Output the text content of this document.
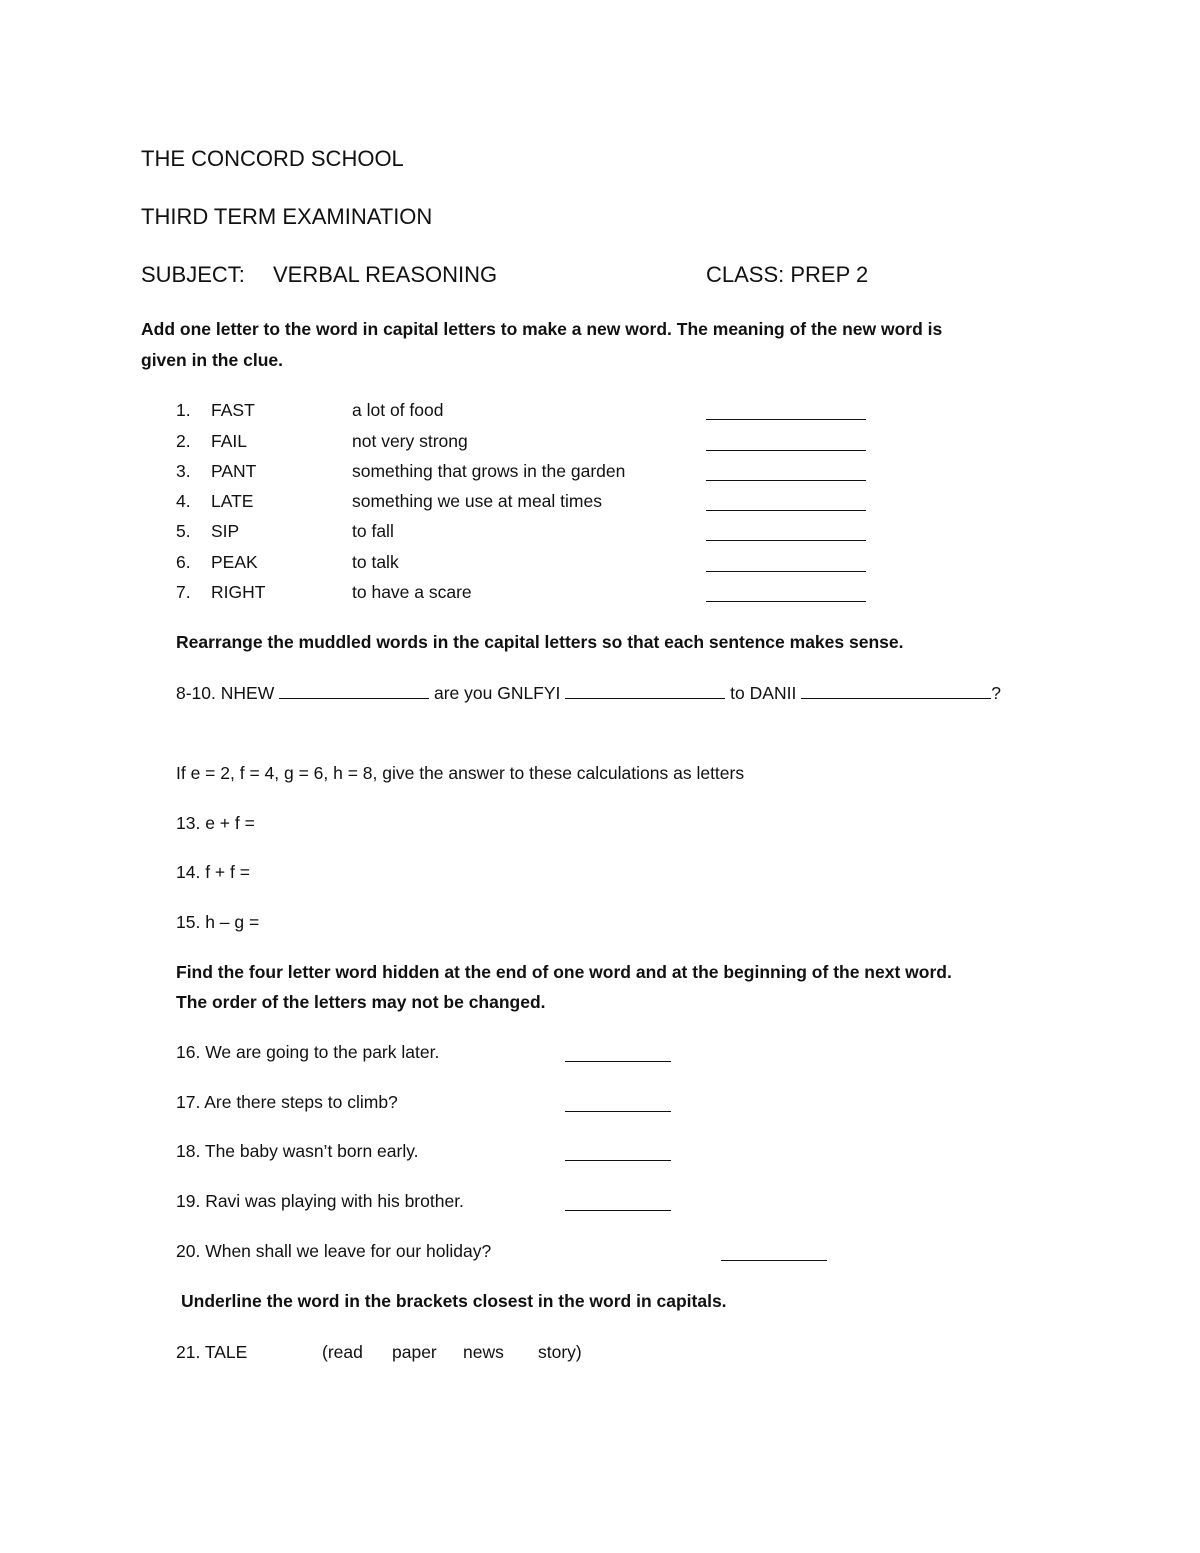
THE CONCORD SCHOOL
THIRD TERM EXAMINATION
SUBJECT: VERBAL REASONING	CLASS: PREP 2
Add one letter to the word in capital letters to make a new word. The meaning of the new word is
given in the clue.
1. FAST	a lot of food
2. FAIL	not very strong
3. PANT	something that grows in the garden
4. LATE	something we use at meal times
5. SIP	to fall
6. PEAK	to talk
7. RIGHT	to have a scare
Rearrange the muddled words in the capital letters so that each sentence makes sense.
8-10. NHEW	are you GNLFYI	to DANII	?
If e = 2, f = 4, g = 6, h = 8, give the answer to these calculations as letters
13. e + f =
14. f + f =
15. h – g =
Find the four letter word hidden at the end of one word and at the beginning of the next word.
The order of the letters may not be changed.
16. We are going to the park later.
17. Are there steps to climb?
18. The baby wasn’t born early.
19. Ravi was playing with his brother.
20. When shall we leave for our holiday?
Underline the word in the brackets closest in the word in capitals.
21. TALE	(read paper news story)
